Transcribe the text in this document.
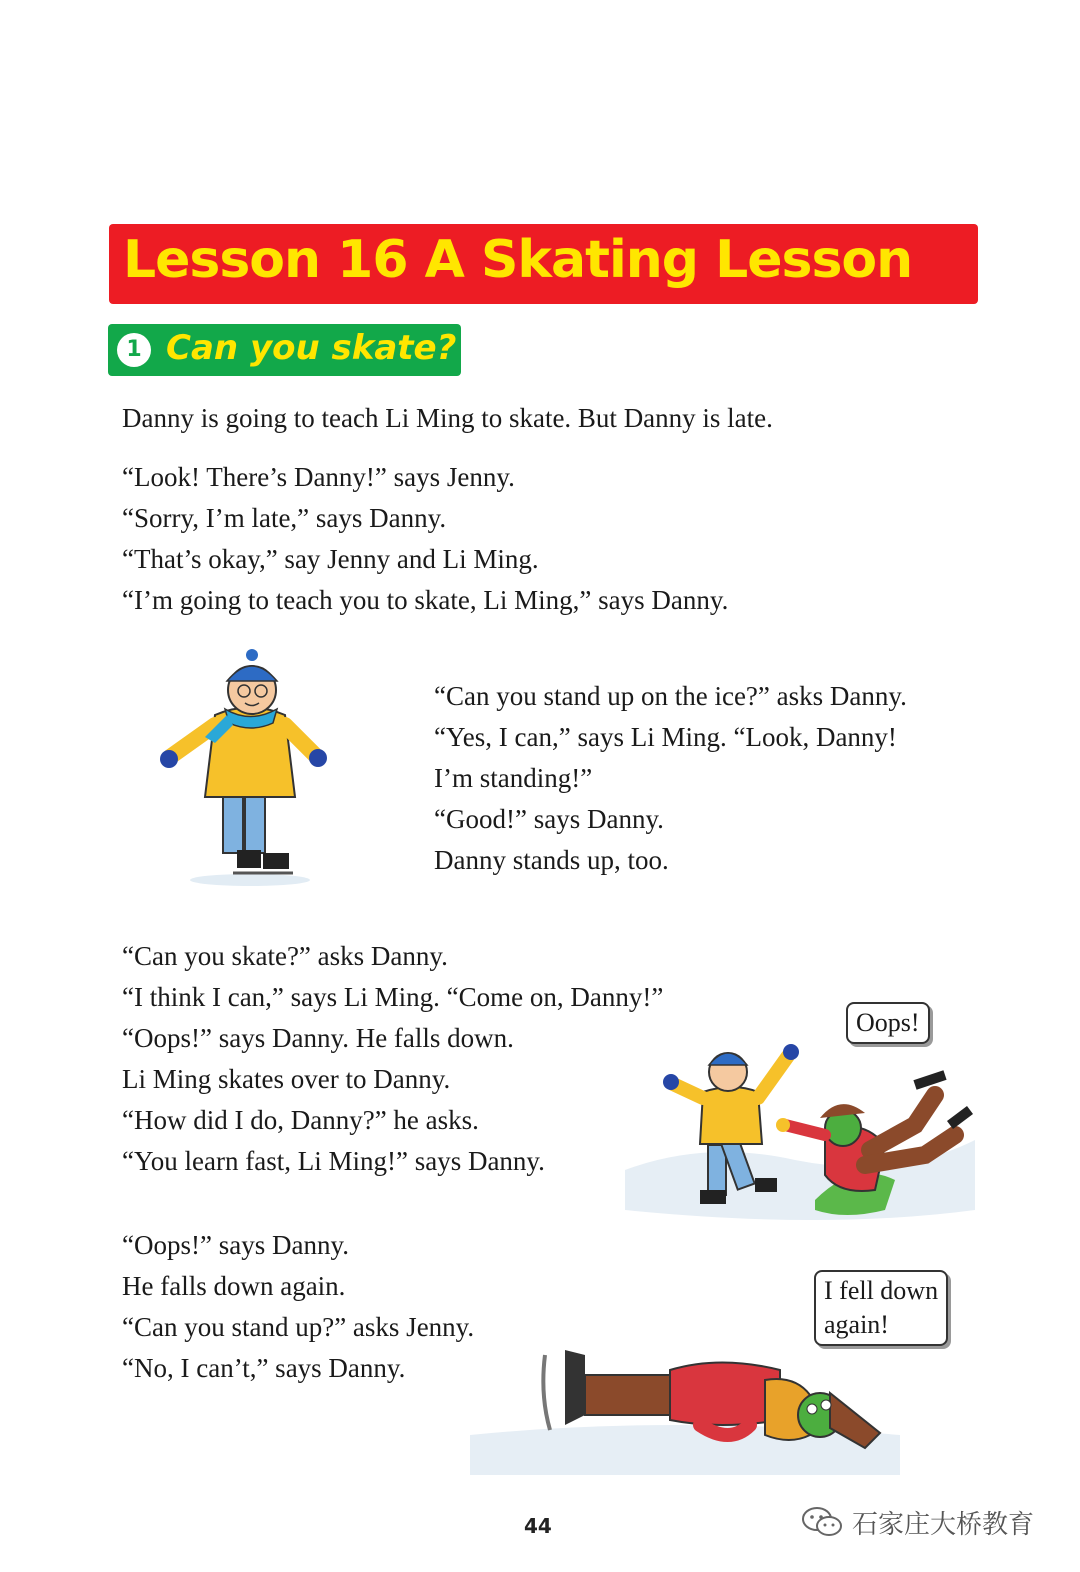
Lesson 16 A Skating Lesson
1 Can you skate?

Danny is going to teach Li Ming to skate. But Danny is late.

“Look! There’s Danny!” says Jenny.
“Sorry, I’m late,” says Danny.
“That’s okay,” say Jenny and Li Ming.
“I’m going to teach you to skate, Li Ming,” says Danny.

“Can you stand up on the ice?” asks Danny.
“Yes, I can,” says Li Ming. “Look, Danny!
I’m standing!”
“Good!” says Danny.
Danny stands up, too.

“Can you skate?” asks Danny.
“I think I can,” says Li Ming. “Come on, Danny!”
“Oops!” says Danny. He falls down.
Li Ming skates over to Danny.
“How did I do, Danny?” he asks.
“You learn fast, Li Ming!” says Danny.

Oops!

“Oops!” says Danny.
He falls down again.
“Can you stand up?” asks Jenny.
“No, I can’t,” says Danny.

I fell down
again!
44	石家庄大桥教育
